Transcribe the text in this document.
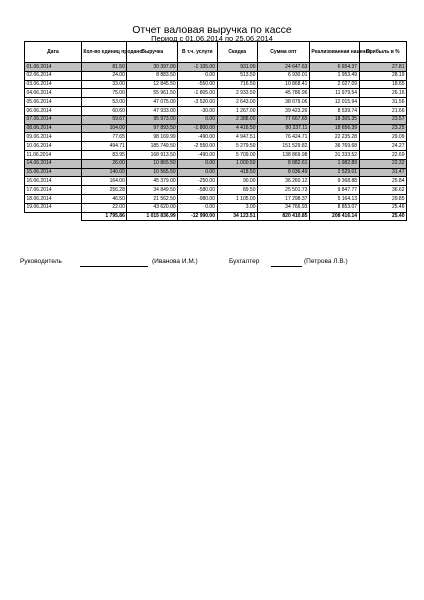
Отчет валовая выручка по кассе
Период с 01.06.2014 по 25.06.2014
Дата	Кол-во единиц продано	Выручка	В т.ч. услуги	Скидка	Сумма опт	Реализованная наценка	Прибыль в %
01.06.2014	81.50	30 397.00	-1 105.00	931.00	24 647.63	6 654.37	27.81
02.06.2014	24.00	8 883.50	0.00	513.50	6 930.01	1 953.49	28.19
03.06.2014	33.00	12 845.50	-550.00	716.50	10 868.41	2 027.09	18.65
04.06.2014	75.00	55 961.50	-1 805.00	2 933.50	45 786.96	11 979.54	26.16
05.06.2014	53.00	47 075.00	-3 520.00	2 643.00	38 079.06	12 015.94	31.56
06.06.2014	60.60	47 933.00	-30.00	1 267.00	39 423.26	8 539.74	21.66
07.06.2014	59.67	95 973.00	0.00	2 388.00	77 667.65	18 305.35	23.57
08.06.2014	104.00	97 893.50	-1 800.00	4 416.50	80 237.11	18 656.39	23.25
09.06.2014	77.65	98 169.99	-490.00	4 947.51	76 424.71	22 235.28	29.09
10.06.2014	494.71	185 749.50	-2 550.00	5 279.50	151 529.82	36 769.68	24.27
11.06.2014	83.95	168 913.50	-490.00	5 709.00	138 869.98	31 333.52	22.69
14.06.2014	26.00	10 865.50	0.00	1 000.50	8 882.61	1 982.89	22.32
15.06.2014	140.00	10 565.50	0.00	418.50	8 036.49	2 529.01	31.47
16.06.2014	164.00	45 379.00	-250.00	90.00	36 260.12	9 368.88	25.84
17.06.2014	256.28	34 849.50	-580.00	89.50	25 501.73	9 847.77	36.62
18.06.2014	46.50	21 562.50	-980.00	1 105.00	17 298.37	5 164.13	29.85
19.06.2014	22.00	43 620.00	0.00	3.00	34 766.93	8 853.07	25.46
	1 795.86	1 015 836.99	-12 990.00	34 123.51	820 410.85	208 416.14	25.40
Руководитель	(Иванова И.М.)	Бухгалтер	(Петрова Л.В.)
